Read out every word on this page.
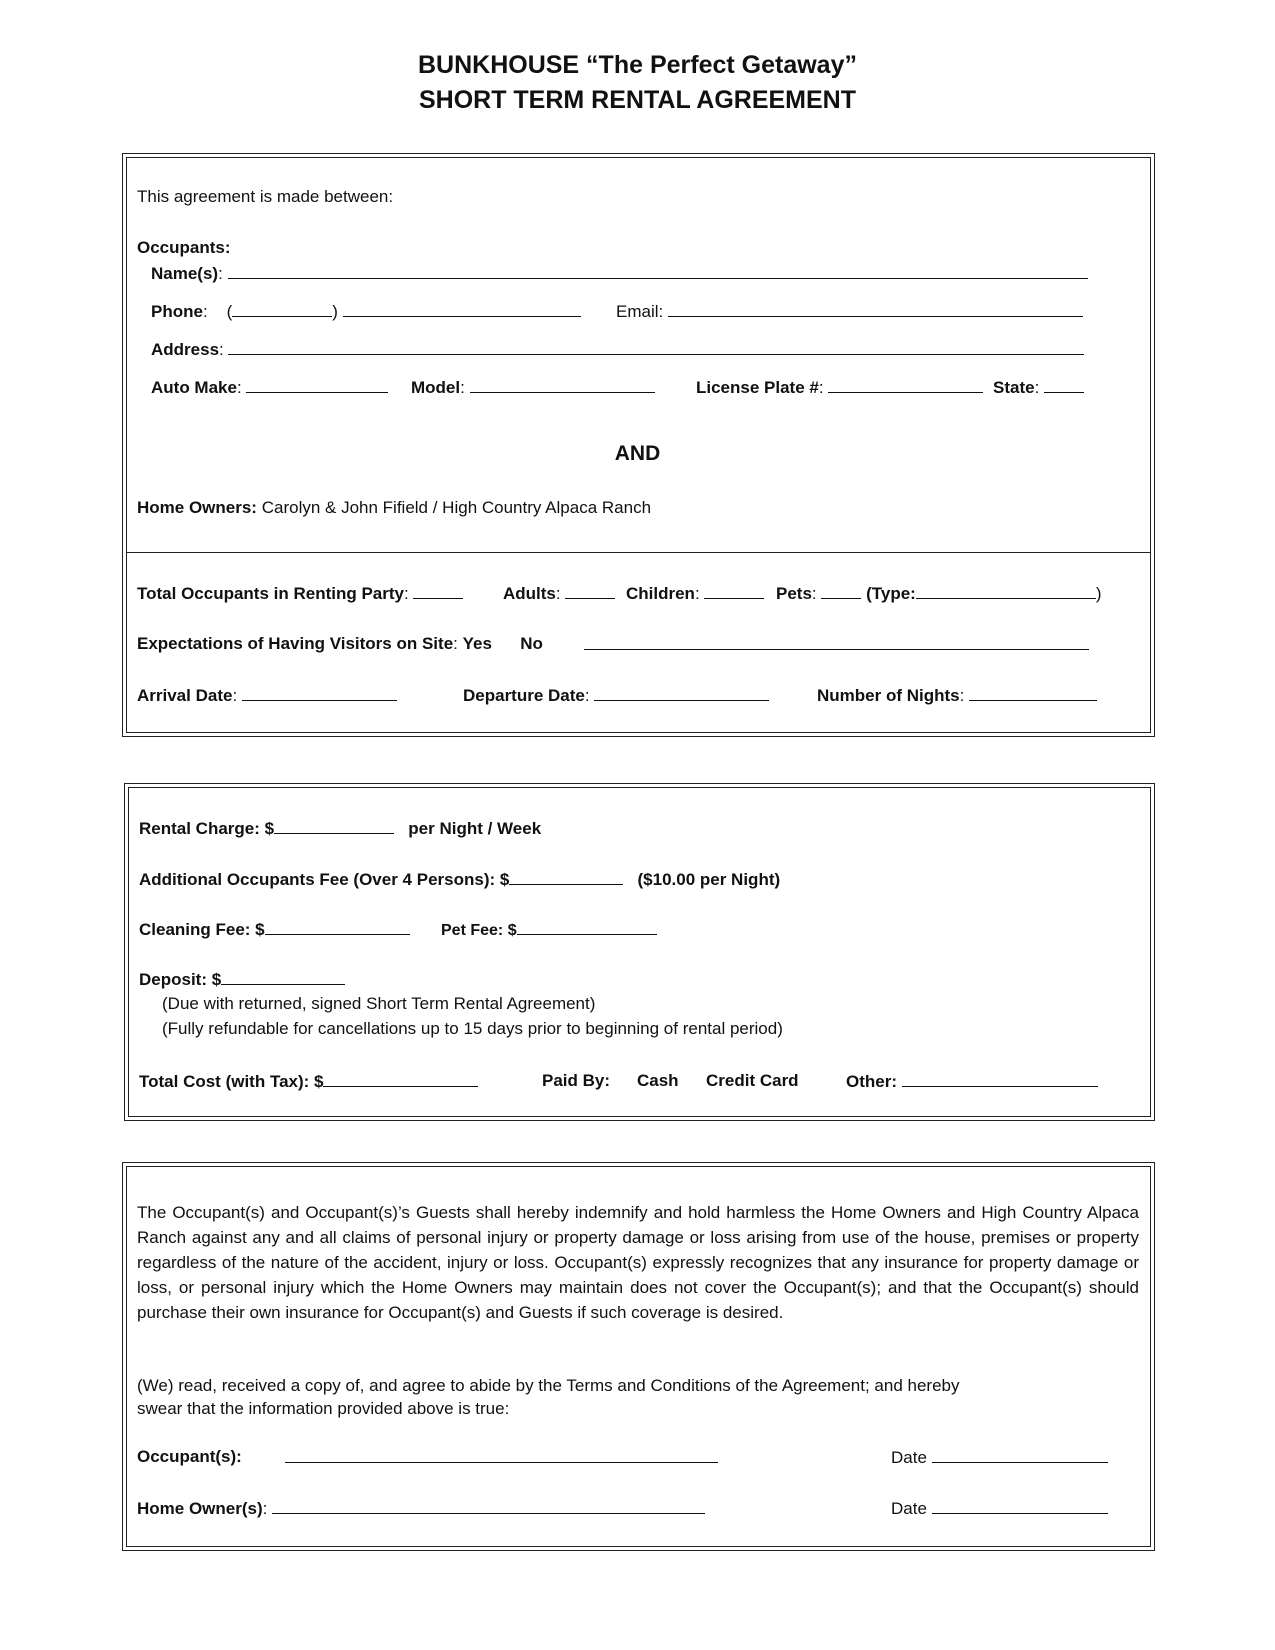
BUNKHOUSE “The Perfect Getaway”
SHORT TERM RENTAL AGREEMENT
This agreement is made between:
Occupants:
Name(s):
Phone:    (	)	Email:
Address:
Auto Make:	Model:	License Plate #:	State:
AND
Home Owners: Carolyn & John Fifield / High Country Alpaca Ranch
Total Occupants in Renting Party:	Adults:	Children:	Pets:	(Type:	)
Expectations of Having Visitors on Site: Yes No
Arrival Date:	Departure Date:	Number of Nights:
Rental Charge: $	per Night / Week
Additional Occupants Fee (Over 4 Persons): $	($10.00 per Night)
Cleaning Fee: $	Pet Fee: $
Deposit: $
(Due with returned, signed Short Term Rental Agreement)
(Fully refundable for cancellations up to 15 days prior to beginning of rental period)
Total Cost (with Tax): $	Paid By: Cash Credit Card	Other:
The Occupant(s) and Occupant(s)’s Guests shall hereby indemnify and hold harmless the Home Owners and High Country Alpaca Ranch against any and all claims of personal injury or property damage or loss arising from use of the house, premises or property regardless of the nature of the accident, injury or loss. Occupant(s) expressly recognizes that any insurance for property damage or loss, or personal injury which the Home Owners may maintain does not cover the Occupant(s); and that the Occupant(s) should purchase their own insurance for Occupant(s) and Guests if such coverage is desired.
(We) read, received a copy of, and agree to abide by the Terms and Conditions of the Agreement; and hereby
swear that the information provided above is true:
Occupant(s):	Date
Home Owner(s):	Date
